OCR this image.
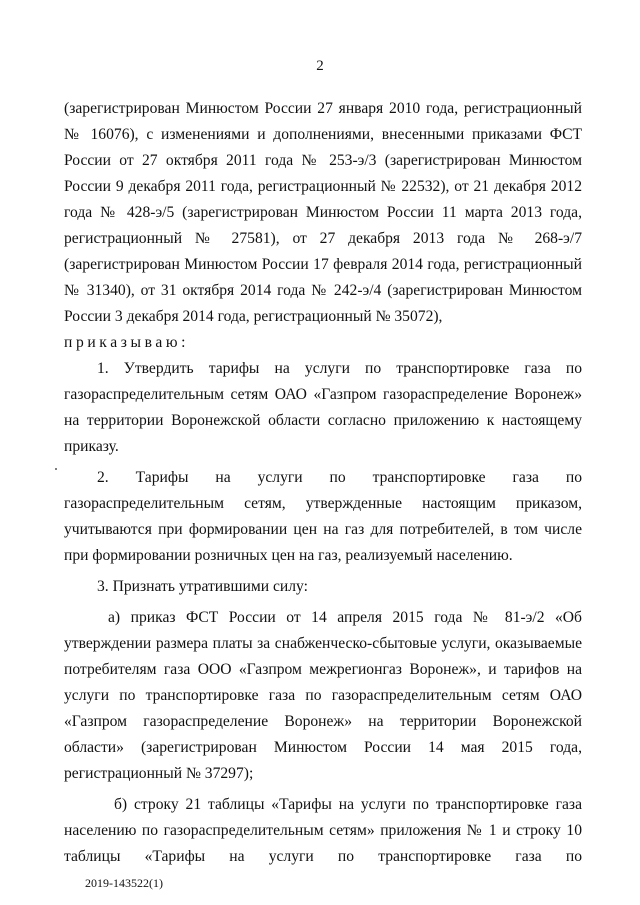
2

(зарегистрирован Минюстом России 27 января 2010 года, регистрационный № 16076), с изменениями и дополнениями, внесенными приказами ФСТ России от 27 октября 2011 года № 253-э/3 (зарегистрирован Минюстом России 9 декабря 2011 года, регистрационный № 22532), от 21 декабря 2012 года № 428-э/5 (зарегистрирован Минюстом России 11 марта 2013 года, регистрационный № 27581), от 27 декабря 2013 года № 268-э/7 (зарегистрирован Минюстом России 17 февраля 2014 года, регистрационный № 31340), от 31 октября 2014 года № 242-э/4 (зарегистрирован Минюстом России 3 декабря 2014 года, регистрационный № 35072),

приказываю:

1. Утвердить тарифы на услуги по транспортировке газа по газораспределительным сетям ОАО «Газпром газораспределение Воронеж» на территории Воронежской области согласно приложению к настоящему приказу.

2. Тарифы на услуги по транспортировке газа по газораспределительным сетям, утвержденные настоящим приказом, учитываются при формировании цен на газ для потребителей, в том числе при формировании розничных цен на газ, реализуемый населению.

3. Признать утратившими силу:

а) приказ ФСТ России от 14 апреля 2015 года № 81-э/2 «Об утверждении размера платы за снабженческо-сбытовые услуги, оказываемые потребителям газа ООО «Газпром межрегионгаз Воронеж», и тарифов на услуги по транспортировке газа по газораспределительным сетям ОАО «Газпром газораспределение Воронеж» на территории Воронежской области» (зарегистрирован Минюстом России 14 мая 2015 года, регистрационный № 37297);

б) строку 21 таблицы «Тарифы на услуги по транспортировке газа населению по газораспределительным сетям» приложения № 1 и строку 10 таблицы «Тарифы на услуги по транспортировке газа по

2019-143522(1)
